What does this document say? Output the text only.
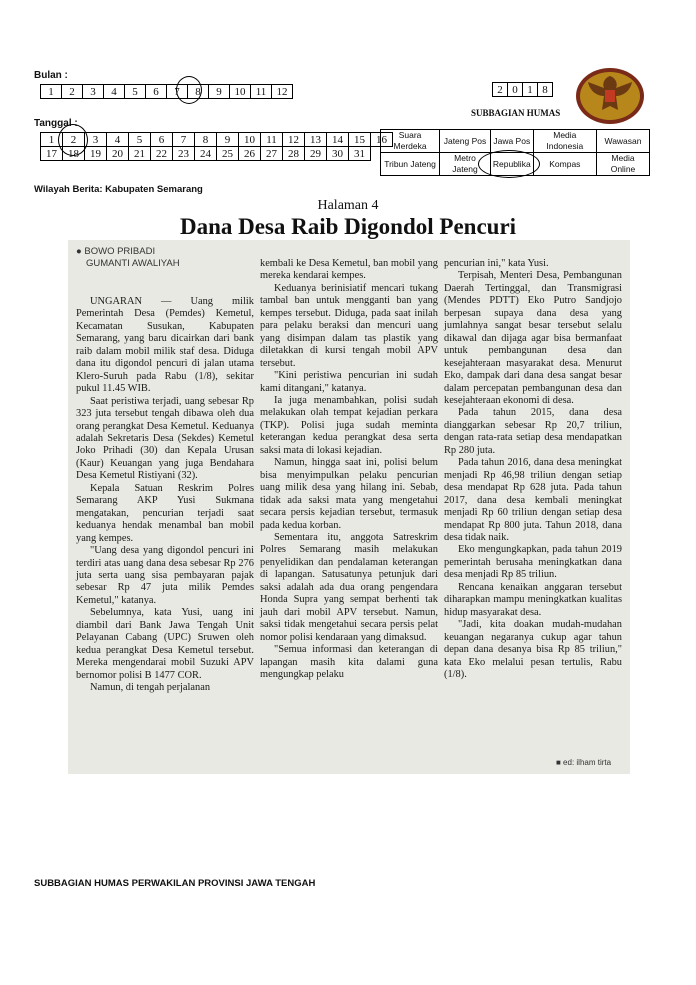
Bulan :
1	2	3	4	5	6	7	8	9	10	11	12
Tanggal :
1	2	3	4	5	6	7	8	9	10	11	12	13	14	15	16
17	18	19	20	21	22	23	24	25	26	27	28	29	30	31	
2	0	1	8
SUBBAGIAN HUMAS
Suara Merdeka	Jateng Pos	Jawa Pos	Media Indonesia	Wawasan
Tribun Jateng	Metro Jateng	Republika	Kompas	Media Online
Wilayah Berita: Kabupaten Semarang
Halaman 4
Dana Desa Raib Digondol Pencuri
● BOWO PRIBADI
GUMANTI AWALIYAH

UNGARAN — Uang milik Pemerintah Desa (Pemdes) Kemetul, Kecamatan Susukan, Kabupaten Semarang, yang baru dicairkan dari bank raib dalam mobil milik staf desa. Diduga dana itu digondol pencuri di jalan utama Klero-Suruh pada Rabu (1/8), sekitar pukul 11.45 WIB.

Saat peristiwa terjadi, uang sebesar Rp 323 juta tersebut tengah dibawa oleh dua orang perangkat Desa Kemetul. Keduanya adalah Sekretaris Desa (Sekdes) Kemetul Joko Prihadi (30) dan Kepala Urusan (Kaur) Keuangan yang juga Bendahara Desa Kemetul Ristiyani (32).

Kepala Satuan Reskrim Polres Semarang AKP Yusi Sukmana mengatakan, pencurian terjadi saat keduanya hendak menambal ban mobil yang kempes.

"Uang desa yang digondol pencuri ini terdiri atas uang dana desa sebesar Rp 276 juta serta uang sisa pembayaran pajak sebesar Rp 47 juta milik Pemdes Kemetul," katanya.

Sebelumnya, kata Yusi, uang ini diambil dari Bank Jawa Tengah Unit Pelayanan Cabang (UPC) Sruwen oleh kedua perangkat Desa Kemetul tersebut. Mereka mengendarai mobil Suzuki APV bernomor polisi B 1477 COR.

Namun, di tengah perjalanan

kembali ke Desa Kemetul, ban mobil yang mereka kendarai kempes.

Keduanya berinisiatif mencari tukang tambal ban untuk mengganti ban yang kempes tersebut. Diduga, pada saat inilah para pelaku beraksi dan mencuri uang yang disimpan dalam tas plastik yang diletakkan di kursi tengah mobil APV tersebut.

"Kini peristiwa pencurian ini sudah kami ditangani," katanya.

Ia juga menambahkan, polisi sudah melakukan olah tempat kejadian perkara (TKP). Polisi juga sudah meminta keterangan kedua perangkat desa serta saksi mata di lokasi kejadian.

Namun, hingga saat ini, polisi belum bisa menyimpulkan pelaku pencurian uang milik desa yang hilang ini. Sebab, tidak ada saksi mata yang mengetahui secara persis kejadian tersebut, termasuk pada kedua korban.

Sementara itu, anggota Satreskrim Polres Semarang masih melakukan penyelidikan dan pendalaman keterangan di lapangan. Satusatunya petunjuk dari saksi adalah ada dua orang pengendara Honda Supra yang sempat berhenti tak jauh dari mobil APV tersebut. Namun, saksi tidak mengetahui secara persis pelat nomor polisi kendaraan yang dimaksud.

"Semua informasi dan keterangan di lapangan masih kita dalami guna mengungkap pelaku

pencurian ini," kata Yusi.

Terpisah, Menteri Desa, Pembangunan Daerah Tertinggal, dan Transmigrasi (Mendes PDTT) Eko Putro Sandjojo berpesan supaya dana desa yang jumlahnya sangat besar tersebut selalu dikawal dan dijaga agar bisa bermanfaat untuk pembangunan desa dan kesejahteraan masyarakat desa. Menurut Eko, dampak dari dana desa sangat besar dalam percepatan pembangunan desa dan kesejahteraan ekonomi di desa.

Pada tahun 2015, dana desa dianggarkan sebesar Rp 20,7 triliun, dengan rata-rata setiap desa mendapatkan Rp 280 juta.

Pada tahun 2016, dana desa meningkat menjadi Rp 46,98 triliun dengan setiap desa mendapat Rp 628 juta. Pada tahun 2017, dana desa kembali meningkat menjadi Rp 60 triliun dengan setiap desa mendapat Rp 800 juta. Tahun 2018, dana desa tidak naik.

Eko mengungkapkan, pada tahun 2019 pemerintah berusaha meningkatkan dana desa menjadi Rp 85 triliun.

Rencana kenaikan anggaran tersebut diharapkan mampu meningkatkan kualitas hidup masyarakat desa.

"Jadi, kita doakan mudah-mudahan keuangan negaranya cukup agar tahun depan dana desanya bisa Rp 85 triliun," kata Eko melalui pesan tertulis, Rabu (1/8).

■ ed: ilham tirta
SUBBAGIAN HUMAS PERWAKILAN PROVINSI JAWA TENGAH
